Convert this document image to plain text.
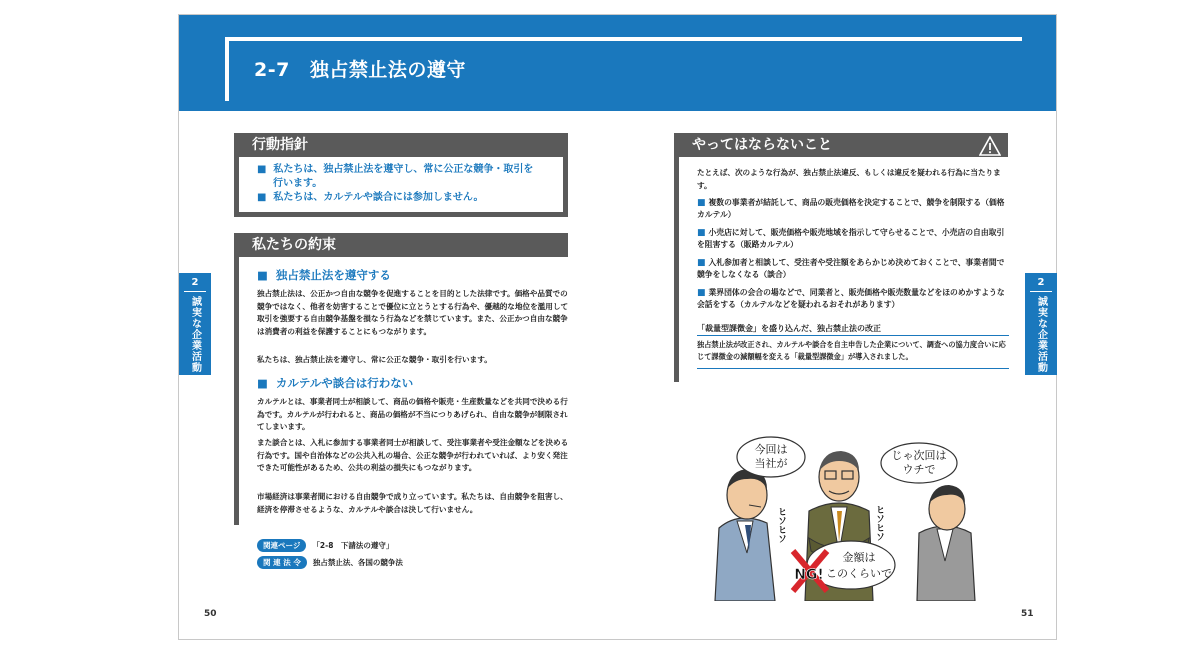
2-7 独占禁止法の遵守
2
誠実な企業活動
2
誠実な企業活動
50	51
行動指針
■  私たちは、独占禁止法を遵守し、常に公正な競争・取引を
行います。
■  私たちは、カルテルや談合には参加しません。
私たちの約束
■  独占禁止法を遵守する
独占禁止法は、公正かつ自由な競争を促進することを目的とした法律です。価格や品質での競争ではなく、他者を妨害することで優位に立とうとする行為や、優越的な地位を濫用して取引を強要する自由競争基盤を損なう行為などを禁じています。また、公正かつ自由な競争は消費者の利益を保護することにもつながります。
私たちは、独占禁止法を遵守し、常に公正な競争・取引を行います。
■  カルテルや談合は行わない
カルテルとは、事業者同士が相談して、商品の価格や販売・生産数量などを共同で決める行為です。カルテルが行われると、商品の価格が不当につりあげられ、自由な競争が制限されてしまいます。
また談合とは、入札に参加する事業者同士が相談して、受注事業者や受注金額などを決める行為です。国や自治体などの公共入札の場合、公正な競争が行われていれば、より安く発注できた可能性があるため、公共の利益の損失にもつながります。
市場経済は事業者間における自由競争で成り立っています。私たちは、自由競争を阻害し、経済を停滞させるような、カルテルや談合は決して行いません。
関連ページ 「2-8　下請法の遵守」
関 連 法 令 独占禁止法、各国の競争法
やってはならないこと
たとえば、次のような行為が、独占禁止法違反、もしくは違反を疑われる行為に当たります。
■ 複数の事業者が結託して、商品の販売価格を決定することで、競争を制限する（価格カルテル）
■ 小売店に対して、販売価格や販売地域を指示して守らせることで、小売店の自由取引を阻害する（販路カルテル）
■ 入札参加者と相談して、受注者や受注額をあらかじめ決めておくことで、事業者間で競争をしなくなる（談合）
■ 業界団体の会合の場などで、同業者と、販売価格や販売数量などをほのめかすような会話をする（カルテルなどを疑われるおそれがあります）
「裁量型課徴金」を盛り込んだ、独占禁止法の改正
独占禁止法が改正され、カルテルや談合を自主申告した企業について、調査への協力度合いに応じて課徴金の減額幅を変える「裁量型課徴金」が導入されました。
今回は
当社が
じゃ次回は
ウチで
金額は
このくらいで
ヒソヒソ	ヒソヒソ
NG!
